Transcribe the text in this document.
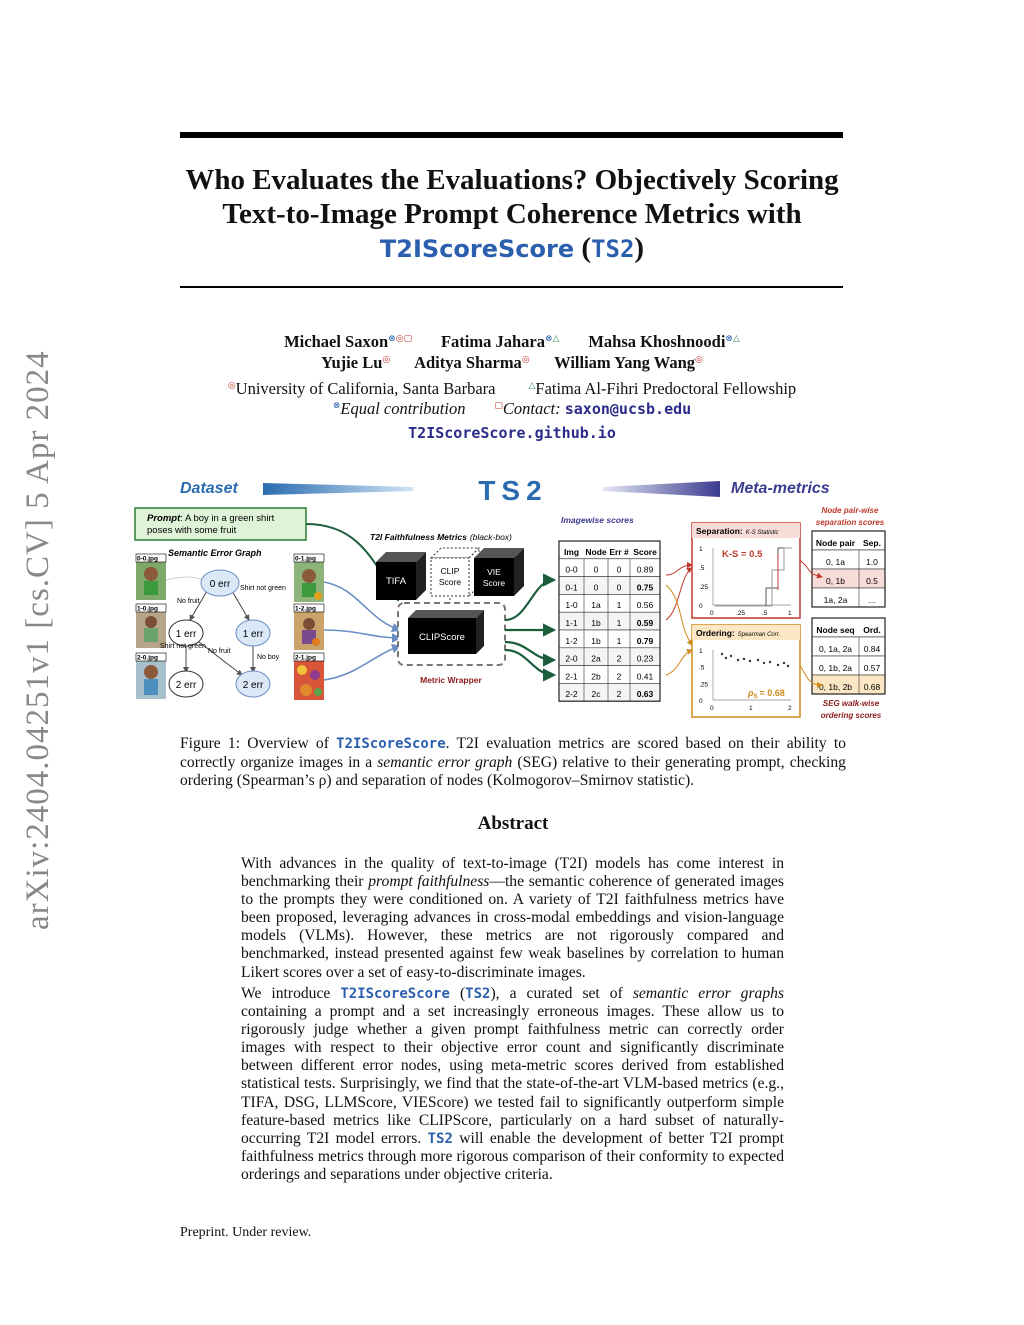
arXiv:2404.04251v1 [cs.CV] 5 Apr 2024
Who Evaluates the Evaluations? Objectively Scoring
Text-to-Image Prompt Coherence Metrics with
T2IScoreScore (TS2)
Michael Saxon⊗◎▢ Fatima Jahara⊗△ Mahsa Khoshnoodi⊗△
Yujie Lu◎ Aditya Sharma◎ William Yang Wang◎
◎University of California, Santa Barbara	△Fatima Al-Fihri Predoctoral Fellowship
⊗Equal contribution	▢Contact: saxon@ucsb.edu
T2IScoreScore.github.io
Dataset	TS2	Meta-metrics
Prompt: A boy in a green shirt
poses with some fruit
Semantic Error Graph
0-0.jpg
1-0.jpg
2-0.jpg
0-1.jpg
1-2.jpg
2-1.jpg
0 err
1 err	1 err
2 err	2 err
No fruit
Shirt not green
Shirt not green
No fruit
No boy
T2I Faithfulness Metrics (black-box)
TIFA
CLIP
Score
VIE
Score
CLIPScore
Metric Wrapper
Imagewise scores
Img Node Err # Score
0-0 0 0 0.89
0-1 0 0 0.75
1-0 1a 1 0.56
1-1 1b 1 0.59
1-2 1b 1 0.79
2-0 2a 2 0.23
2-1 2b 2 0.41
2-2 2c 2 0.63
Separation: K-S Statistic
K-S = 0.5
1
.5
.25
0
0	.25	.5	1
Ordering: Spearman Corr.
1
.5
.25
0
0	1	2
$\rho_S = 0.68$
Node pair-wise
separation scores
Node pair Sep.
0, 1a 1.0
0, 1b 0.5
1a, 2a ...
Node seq Ord.
0, 1a, 2a 0.84
0, 1b, 2a 0.57
0, 1b, 2b 0.68
SEG walk-wise
ordering scores
Figure 1: Overview of T2IScoreScore. T2I evaluation metrics are scored based on their ability to correctly organize images in a semantic error graph (SEG) relative to their generating prompt, checking ordering (Spearman’s ρ) and separation of nodes (Kolmogorov–Smirnov statistic).
Abstract
With advances in the quality of text-to-image (T2I) models has come interest in benchmarking their prompt faithfulness—the semantic coherence of generated images to the prompts they were conditioned on. A variety of T2I faithfulness metrics have been proposed, leveraging advances in cross-modal embeddings and vision-language models (VLMs). However, these metrics are not rigorously compared and benchmarked, instead presented against few weak baselines by correlation to human Likert scores over a set of easy-to-discriminate images.
We introduce T2IScoreScore (TS2), a curated set of semantic error graphs containing a prompt and a set increasingly erroneous images. These allow us to rigorously judge whether a given prompt faithfulness metric can correctly order images with respect to their objective error count and significantly discriminate between different error nodes, using meta-metric scores derived from established statistical tests. Surprisingly, we find that the state-of-the-art VLM-based metrics (e.g., TIFA, DSG, LLMScore, VIEScore) we tested fail to significantly outperform simple feature-based metrics like CLIPScore, particularly on a hard subset of naturally-occurring T2I model errors. TS2 will enable the development of better T2I prompt faithfulness metrics through more rigorous comparison of their conformity to expected orderings and separations under objective criteria.
Preprint. Under review.
